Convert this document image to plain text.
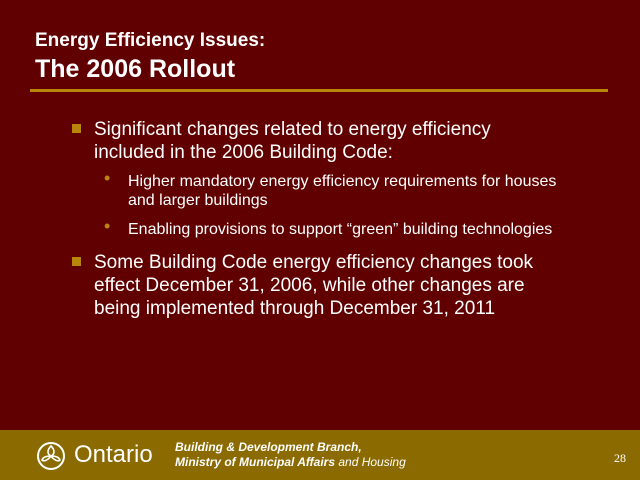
Energy Efficiency Issues:
The 2006 Rollout
Significant changes related to energy efficiency included in the 2006 Building Code:
• Higher mandatory energy efficiency requirements for houses and larger buildings
• Enabling provisions to support “green” building technologies
Some Building Code energy efficiency changes took effect December 31, 2006, while other changes are being implemented through December 31, 2011
Ontario Building & Development Branch,
Ministry of Municipal Affairs and Housing	28
